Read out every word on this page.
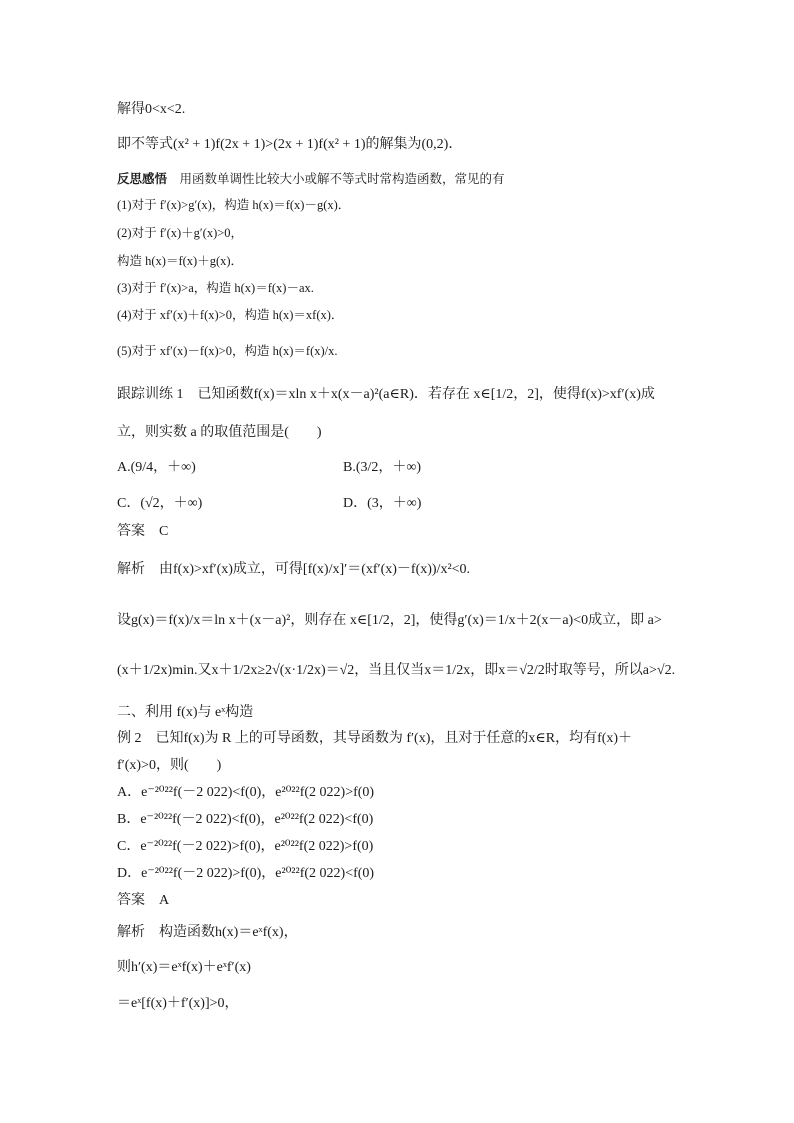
解得0<x<2.
即不等式(x² + 1)f(2x + 1)>(2x + 1)f(x² + 1)的解集为(0,2)．
反思感悟　 用函数单调性比较大小或解不等式时常构造函数，常见的有
(1)对于 f′(x)>g′(x)，构造 h(x)＝f(x)－g(x)．
(2)对于 f′(x)＋g′(x)>0，
构造 h(x)＝f(x)＋g(x)．
(3)对于 f′(x)>a，构造 h(x)＝f(x)－ax.
(4)对于 xf′(x)＋f(x)>0，构造 h(x)＝xf(x)．
(5)对于 xf′(x)－f(x)>0，构造 h(x)＝f(x)/x.
跟踪训练 1　已知函数f(x)＝xln x＋x(x－a)²(a∈R)．若存在 x∈[1/2，2]，使得f(x)>xf′(x)成
立，则实数 a 的取值范围是(　　)
A.(9/4，＋∞)	B.(3/2，＋∞)
C．(√2，＋∞)	D．(3，＋∞)
答案　C
解析　由f(x)>xf′(x)成立，可得[f(x)/x]′＝(xf′(x)－f(x))/x²<0.
设g(x)＝f(x)/x＝ln x＋(x－a)²，则存在 x∈[1/2，2]，使得g′(x)＝1/x＋2(x－a)<0成立，即 a>
(x＋1/2x)min.又x＋1/2x≥2√(x·1/2x)＝√2，当且仅当x＝1/2x，即x＝√2/2时取等号，所以a>√2.
二、利用 f(x)与 eˣ构造
例 2　已知f(x)为 R 上的可导函数，其导函数为 f′(x)，且对于任意的x∈R，均有f(x)＋
f′(x)>0，则(　　)
A．e⁻²⁰²²f(－2 022)<f(0)，e²⁰²²f(2 022)>f(0)
B．e⁻²⁰²²f(－2 022)<f(0)，e²⁰²²f(2 022)<f(0)
C．e⁻²⁰²²f(－2 022)>f(0)，e²⁰²²f(2 022)>f(0)
D．e⁻²⁰²²f(－2 022)>f(0)，e²⁰²²f(2 022)<f(0)
答案　A
解析　构造函数h(x)＝eˣf(x)，
则h′(x)＝eˣf(x)＋eˣf′(x)
＝eˣ[f(x)＋f′(x)]>0，
